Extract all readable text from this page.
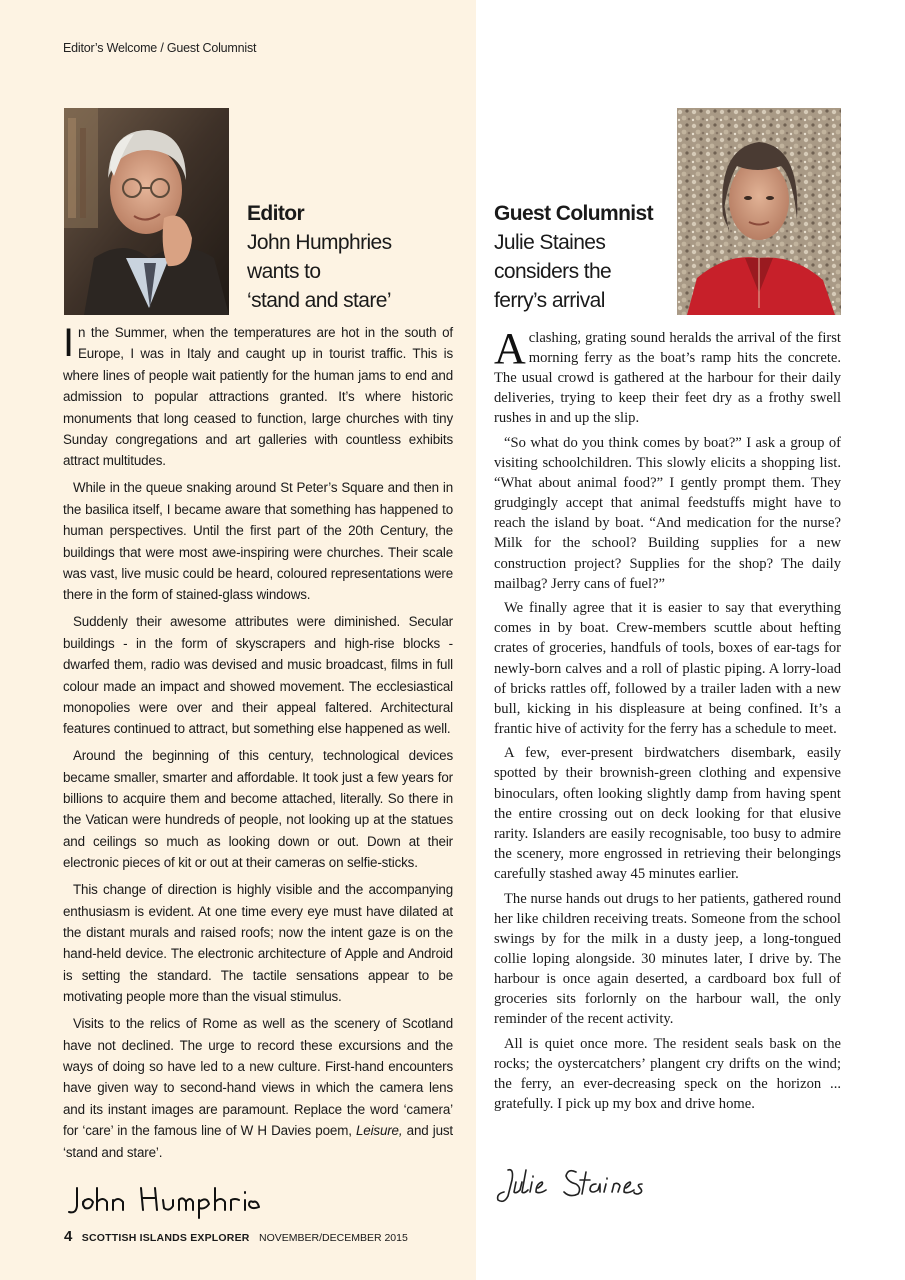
Editor’s Welcome / Guest Columnist
Editor
John Humphries
wants to
‘stand and stare’
Guest Columnist
Julie Staines
considers the
ferry’s arrival

In the Summer, when the temperatures are hot in the south of Europe, I was in Italy and caught up in tourist traffic. This is where lines of people wait patiently for the human jams to end and admission to popular attractions granted. It’s where historic monuments that long ceased to function, large churches with tiny Sunday congregations and art galleries with countless exhibits attract multitudes.

While in the queue snaking around St Peter’s Square and then in the basilica itself, I became aware that something has happened to human perspectives. Until the first part of the 20th Century, the buildings that were most awe-inspiring were churches. Their scale was vast, live music could be heard, coloured representations were there in the form of stained-glass windows.

Suddenly their awesome attributes were diminished. Secular buildings - in the form of skyscrapers and high-rise blocks - dwarfed them, radio was devised and music broadcast, films in full colour made an impact and showed movement. The ecclesiastical monopolies were over and their appeal faltered. Architectural features continued to attract, but something else happened as well.

Around the beginning of this century, technological devices became smaller, smarter and affordable. It took just a few years for billions to acquire them and become attached, literally. So there in the Vatican were hundreds of people, not looking up at the statues and ceilings so much as looking down or out. Down at their electronic pieces of kit or out at their cameras on selfie-sticks.

This change of direction is highly visible and the accompanying enthusiasm is evident. At one time every eye must have dilated at the distant murals and raised roofs; now the intent gaze is on the hand-held device. The electronic architecture of Apple and Android is setting the standard. The tactile sensations appear to be motivating people more than the visual stimulus.

Visits to the relics of Rome as well as the scenery of Scotland have not declined. The urge to record these excursions and the ways of doing so have led to a new culture. First-hand encounters have given way to second-hand views in which the camera lens and its instant images are paramount. Replace the word ‘camera’ for ‘care’ in the famous line of W H Davies poem, Leisure, and just ‘stand and stare’.

A clashing, grating sound heralds the arrival of the first morning ferry as the boat’s ramp hits the concrete. The usual crowd is gathered at the harbour for their daily deliveries, trying to keep their feet dry as a frothy swell rushes in and up the slip.

“So what do you think comes by boat?” I ask a group of visiting schoolchildren. This slowly elicits a shopping list. “What about animal food?” I gently prompt them. They grudgingly accept that animal feedstuffs might have to reach the island by boat. “And medication for the nurse? Milk for the school? Building supplies for a new construction project? Supplies for the shop? The daily mailbag? Jerry cans of fuel?”

We finally agree that it is easier to say that everything comes in by boat. Crew-members scuttle about hefting crates of groceries, handfuls of tools, boxes of ear-tags for newly-born calves and a roll of plastic piping. A lorry-load of bricks rattles off, followed by a trailer laden with a new bull, kicking in his displeasure at being confined. It’s a frantic hive of activity for the ferry has a schedule to meet.

A few, ever-present birdwatchers disembark, easily spotted by their brownish-green clothing and expensive binoculars, often looking slightly damp from having spent the entire crossing out on deck looking for that elusive rarity. Islanders are easily recognisable, too busy to admire the scenery, more engrossed in retrieving their belongings carefully stashed away 45 minutes earlier.

The nurse hands out drugs to her patients, gathered round her like children receiving treats. Someone from the school swings by for the milk in a dusty jeep, a long-tongued collie loping alongside. 30 minutes later, I drive by. The harbour is once again deserted, a cardboard box full of groceries sits forlornly on the harbour wall, the only reminder of the recent activity.

All is quiet once more. The resident seals bask on the rocks; the oystercatchers’ plangent cry drifts on the wind; the ferry, an ever-decreasing speck on the horizon ... gratefully. I pick up my box and drive home.

4 SCOTTISH ISLANDS EXPLORER NOVEMBER/DECEMBER 2015
